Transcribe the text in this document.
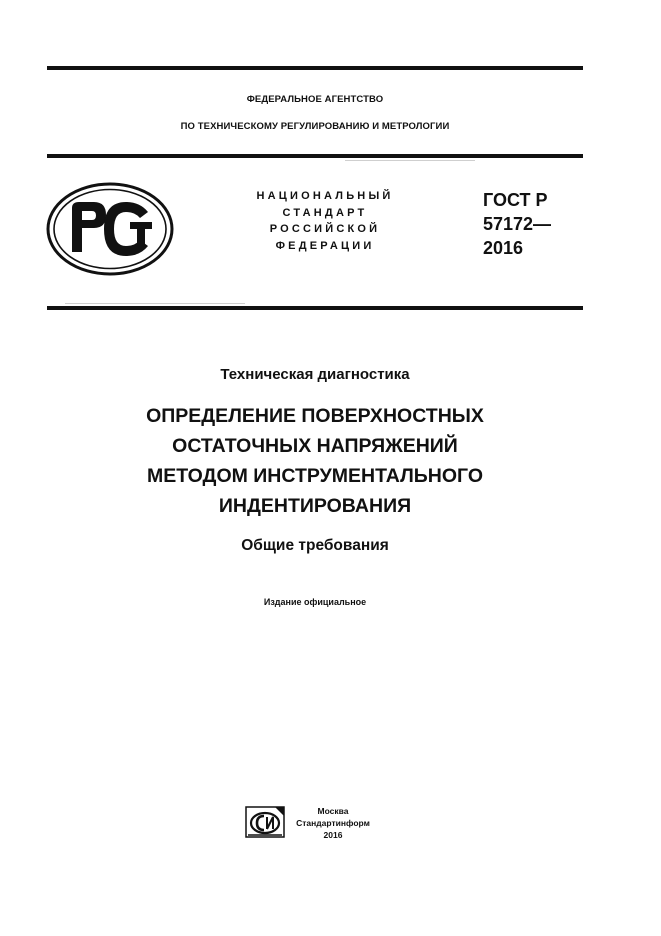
ФЕДЕРАЛЬНОЕ АГЕНТСТВО
ПО ТЕХНИЧЕСКОМУ РЕГУЛИРОВАНИЮ И МЕТРОЛОГИИ
НАЦИОНАЛЬНЫЙ
СТАНДАРТ
РОССИЙСКОЙ
ФЕДЕРАЦИИ
ГОСТ Р
57172—
2016
Техническая диагностика
ОПРЕДЕЛЕНИЕ ПОВЕРХНОСТНЫХ
ОСТАТОЧНЫХ НАПРЯЖЕНИЙ
МЕТОДОМ ИНСТРУМЕНТАЛЬНОГО
ИНДЕНТИРОВАНИЯ
Общие требования
Издание официальное
Москва
Стандартинформ
2016
